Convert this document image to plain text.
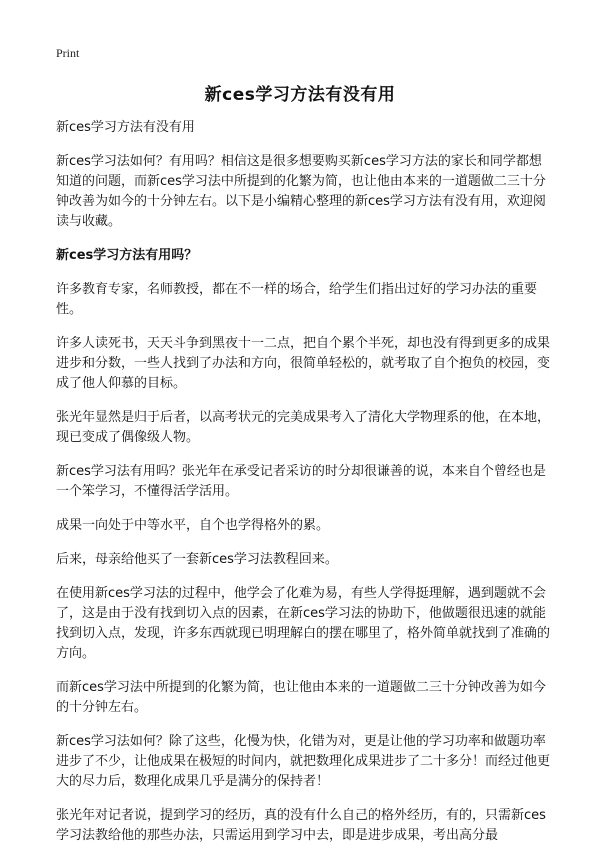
Print
新ces学习方法有没有用

新ces学习方法有没有用

新ces学习法如何？有用吗？相信这是很多想要购买新ces学习方法的家长和同学都想知道的问题，而新ces学习法中所提到的化繁为简，也让他由本来的一道题做二三十分钟改善为如今的十分钟左右。以下是小编精心整理的新ces学习方法有没有用，欢迎阅读与收藏。

新ces学习方法有用吗？

许多教育专家，名师教授，都在不一样的场合，给学生们指出过好的学习办法的重要性。

许多人读死书，天天斗争到黑夜十一二点，把自个累个半死，却也没有得到更多的成果进步和分数，一些人找到了办法和方向，很简单轻松的，就考取了自个抱负的校园，变成了他人仰慕的目标。

张光年显然是归于后者，以高考状元的完美成果考入了清化大学物理系的他，在本地，现已变成了偶像级人物。

新ces学习法有用吗？张光年在承受记者采访的时分却很谦善的说，本来自个曾经也是一个笨学习，不懂得活学活用。

成果一向处于中等水平，自个也学得格外的累。

后来，母亲给他买了一套新ces学习法教程回来。

在使用新ces学习法的过程中，他学会了化难为易，有些人学得挺理解，遇到题就不会了，这是由于没有找到切入点的因素，在新ces学习法的协助下，他做题很迅速的就能找到切入点，发现，许多东西就现已明理解白的摆在哪里了，格外简单就找到了准确的方向。

而新ces学习法中所提到的化繁为简，也让他由本来的一道题做二三十分钟改善为如今的十分钟左右。

新ces学习法如何？除了这些，化慢为快，化错为对，更是让他的学习功率和做题功率进步了不少，让他成果在极短的时间内，就把数理化成果进步了二十多分！而经过他更大的尽力后，数理化成果几乎是满分的保持者！

张光年对记者说，提到学习的经历，真的没有什么自己的格外经历，有的，只需新ces学习法教给他的那些办法，只需运用到学习中去，即是进步成果，考出高分最
